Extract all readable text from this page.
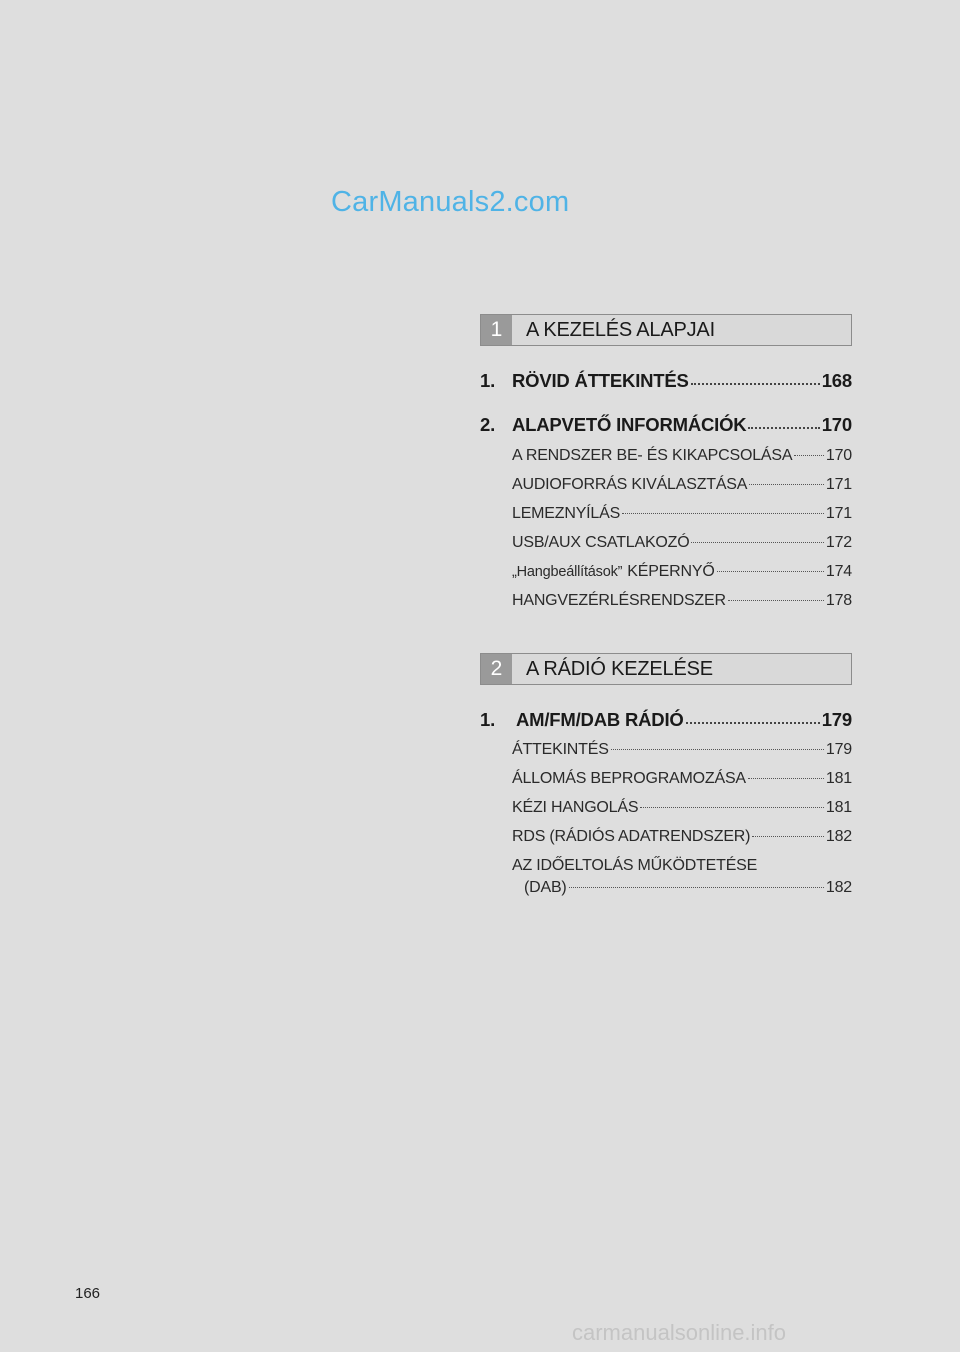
CarManuals2.com
1	A KEZELÉS ALAPJAI
1. RÖVID ÁTTEKINTÉS	168
2. ALAPVETŐ INFORMÁCIÓK	170
A RENDSZER BE- ÉS KIKAPCSOLÁSA 170
AUDIOFORRÁS KIVÁLASZTÁSA	171
LEMEZNYÍLÁS	171
USB/AUX CSATLAKOZÓ	172
„Hangbeállítások” KÉPERNYŐ	174
HANGVEZÉRLÉSRENDSZER	178
2	A RÁDIÓ KEZELÉSE
1.	AM/FM/DAB RÁDIÓ	179
ÁTTEKINTÉS	179
ÁLLOMÁS BEPROGRAMOZÁSA	181
KÉZI HANGOLÁS	181
RDS (RÁDIÓS ADATRENDSZER)	182
AZ IDŐELTOLÁS MŰKÖDTETÉSE
(DAB)	182
166
carmanualsonline.info
